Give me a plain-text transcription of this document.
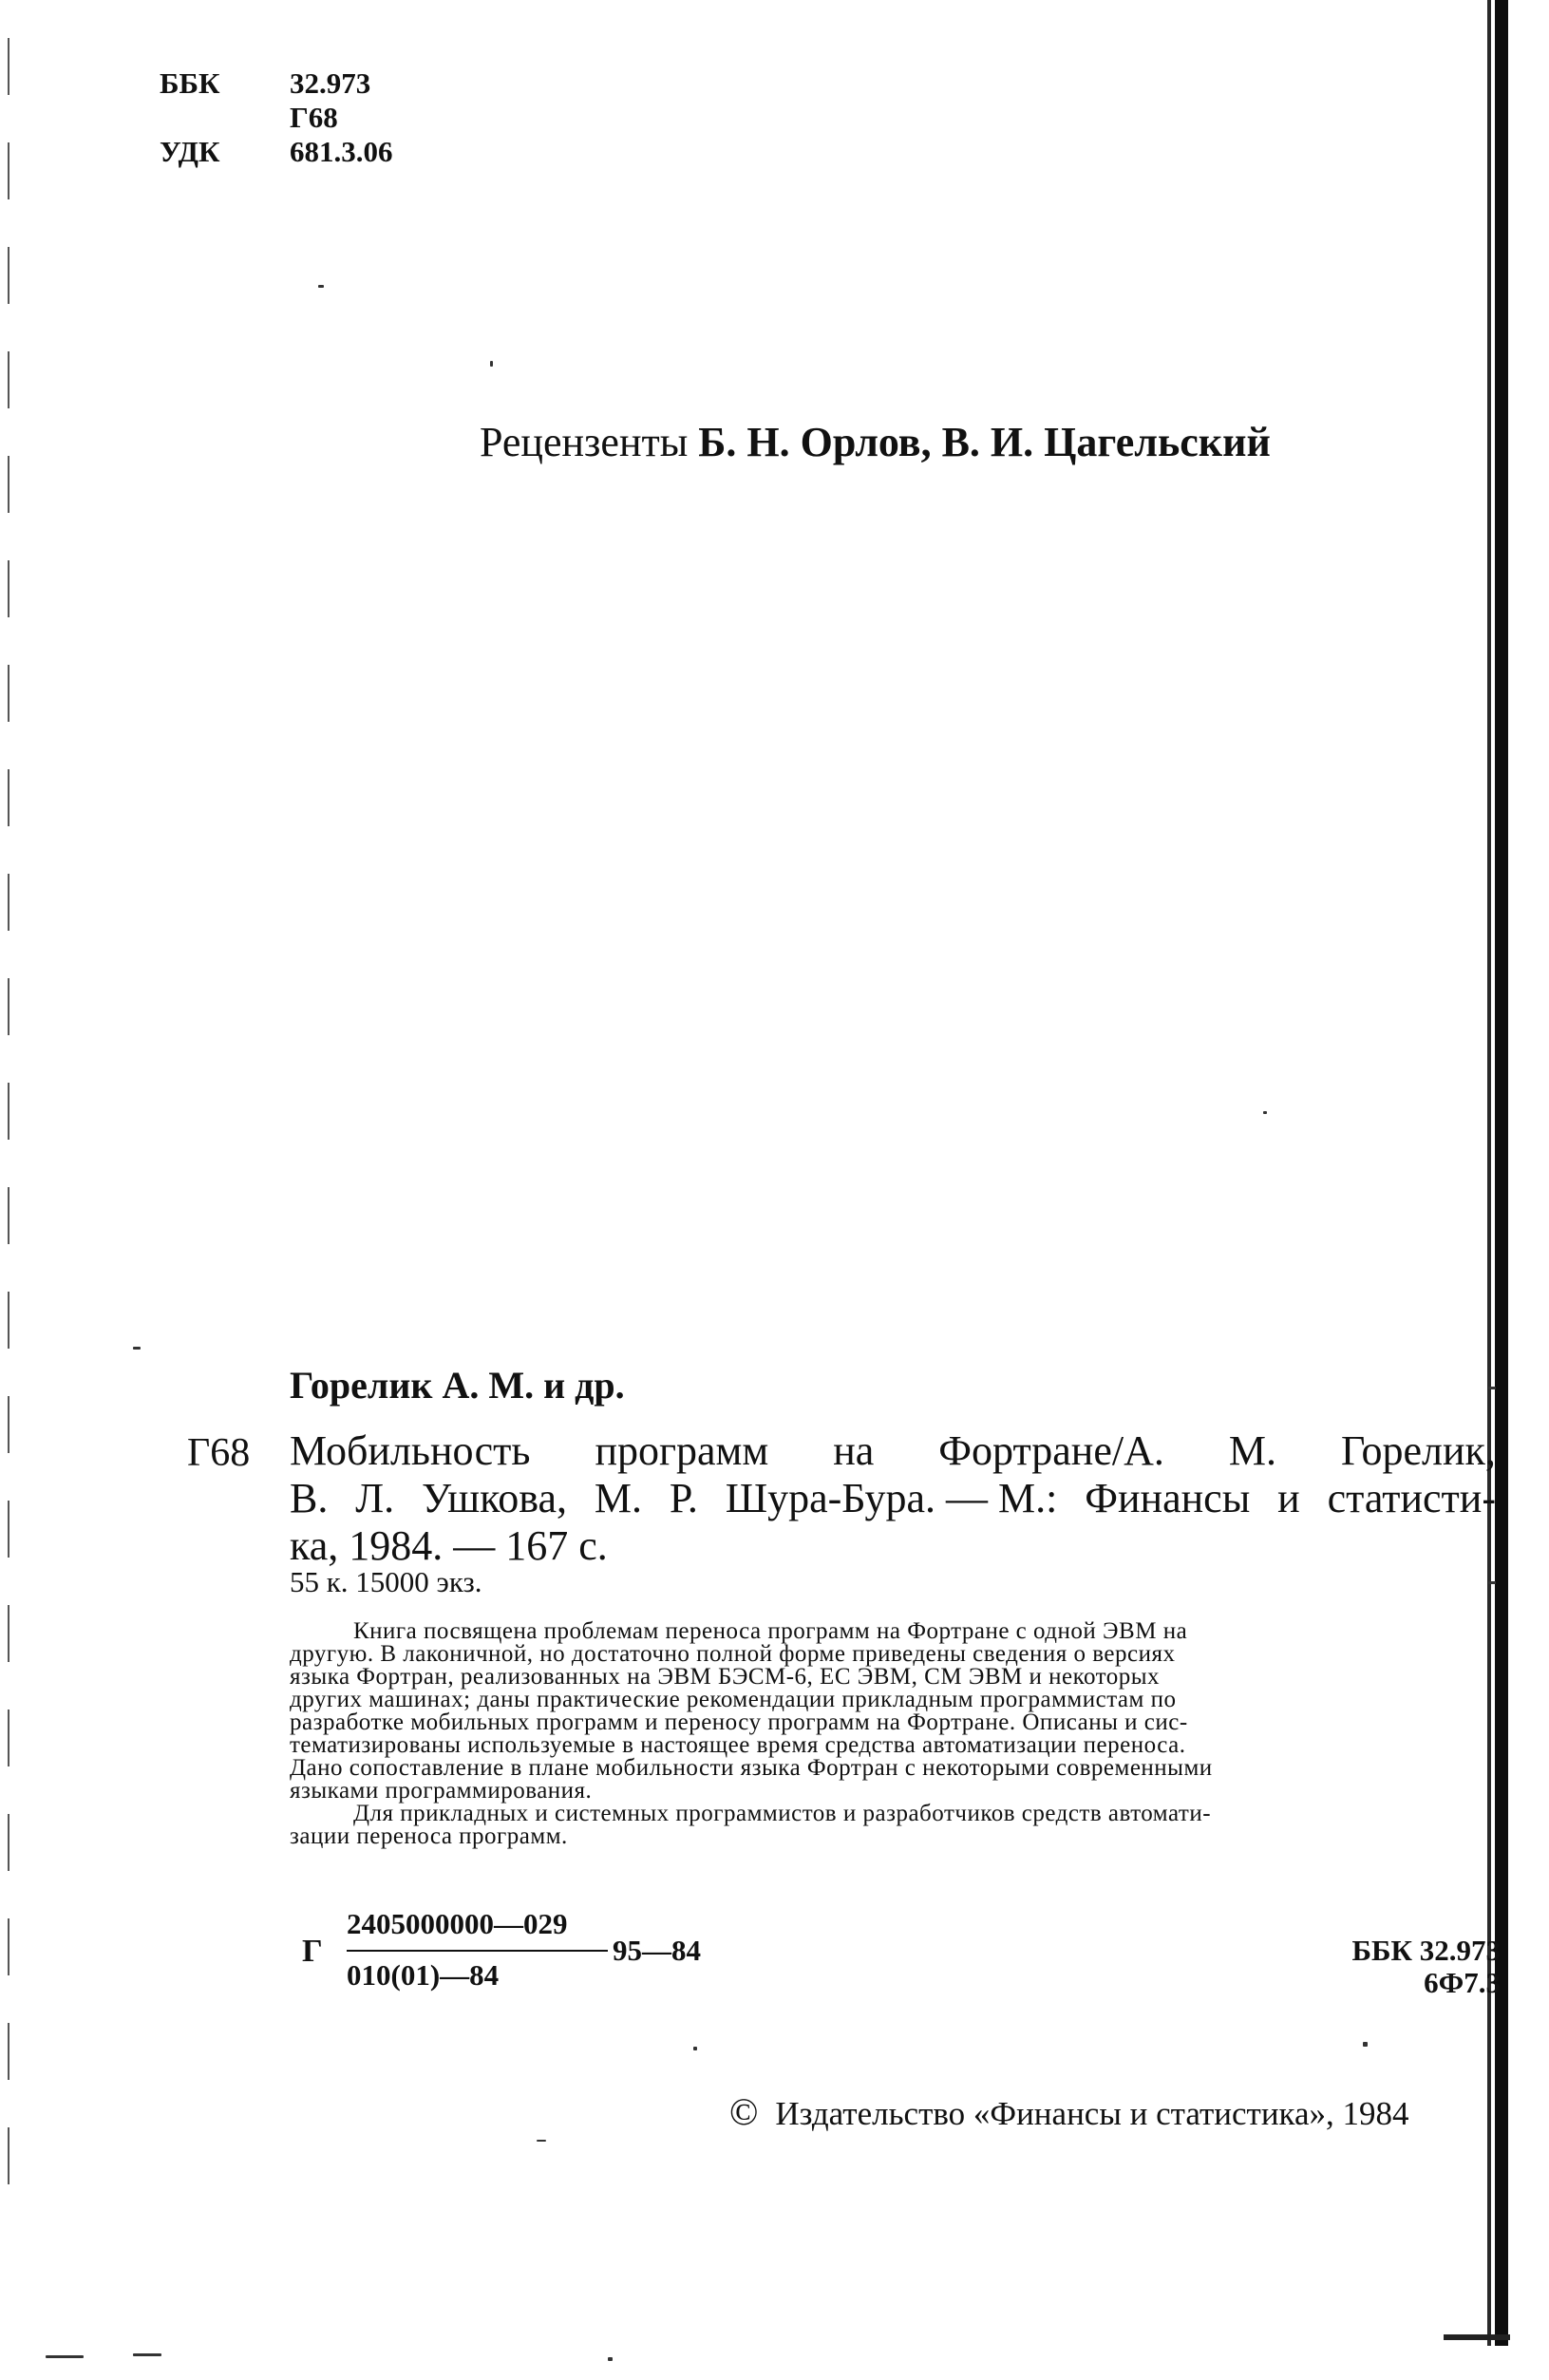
ББК 32.973
Г68
УДК 681.3.06
Рецензенты Б. Н. Орлов, В. И. Цагельский
Горелик А. М. и др.
Г68 Мобильность программ на Фортране/А. М. Горелик,
В. Л. Ушкова, М. Р. Шура-Бура. — М.: Финансы и статисти-
ка, 1984. — 167 с.
55 к. 15000 экз.
Книга посвящена проблемам переноса программ на Фортране с одной ЭВМ на
другую. В лаконичной, но достаточно полной форме приведены сведения о версиях
языка Фортран, реализованных на ЭВМ БЭСМ-6, ЕС ЭВМ, СМ ЭВМ и некоторых
других машинах; даны практические рекомендации прикладным программистам по
разработке мобильных программ и переносу программ на Фортране. Описаны и сис-
тематизированы используемые в настоящее время средства автоматизации переноса.
Дано сопоставление в плане мобильности языка Фортран с некоторыми современными
языками программирования.
Для прикладных и системных программистов и разработчиков средств автомати-
зации переноса программ.
Г
2405000000—029
010(01)—84
95—84	ББК 32.973
6Ф7.3
© Издательство «Финансы и статистика», 1984
